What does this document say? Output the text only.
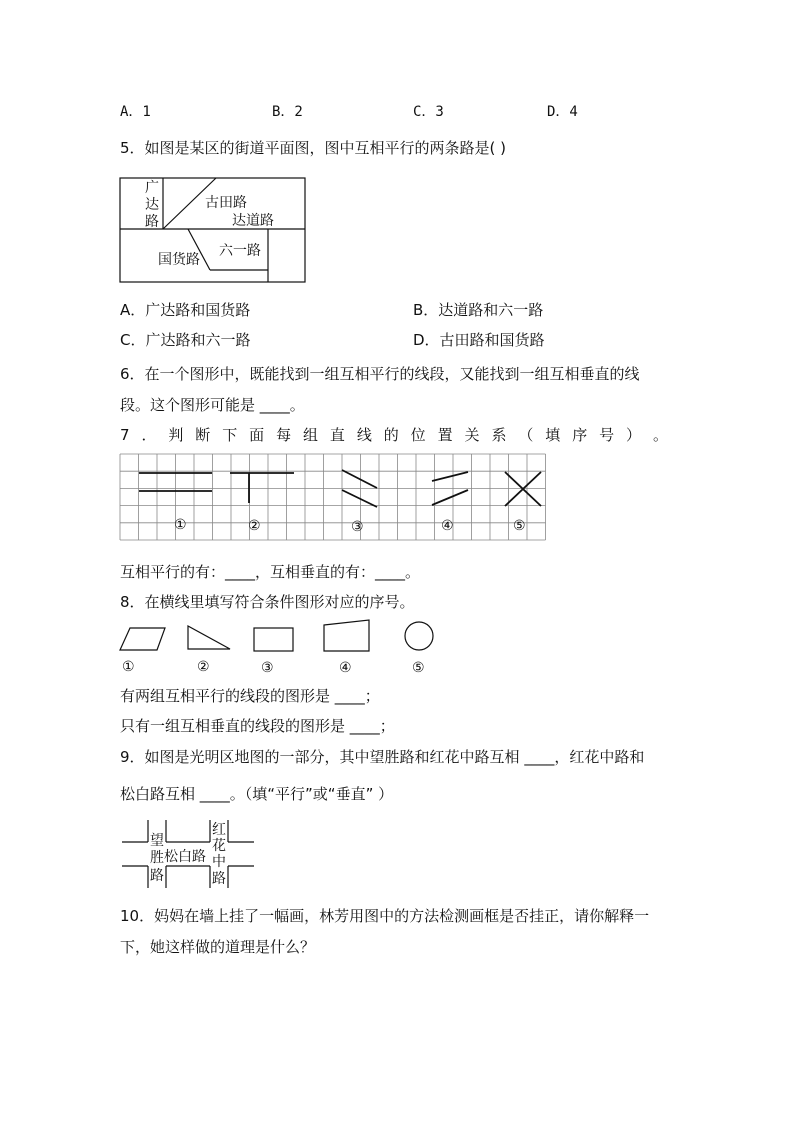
A．1	B．2	C．3	D．4
5．如图是某区的街道平面图，图中互相平行的两条路是( )
广
达
路
古田路
达道路
六一路
国货路
A．广达路和国货路	B．达道路和六一路
C．广达路和六一路	D．古田路和国货路
6．在一个图形中，既能找到一组互相平行的线段，又能找到一组互相垂直的线
段。这个图形可能是 ____。
7 ． 判 断 下 面 每 组 直 线 的 位 置 关 系 （ 填 序 号 ） 。
①	②	③	④	⑤
互相平行的有：____，互相垂直的有：____。
8．在横线里填写符合条件图形对应的序号。
①	②	③	④	⑤
有两组互相平行的线段的图形是 ____；
只有一组互相垂直的线段的图形是 ____；
9．如图是光明区地图的一部分，其中望胜路和红花中路互相 ____，红花中路和
松白路互相 ____。（填“平行”或“垂直” ）
望
胜
路
松白路
红
花
中
路
10．妈妈在墙上挂了一幅画，林芳用图中的方法检测画框是否挂正，请你解释一
下，她这样做的道理是什么？
